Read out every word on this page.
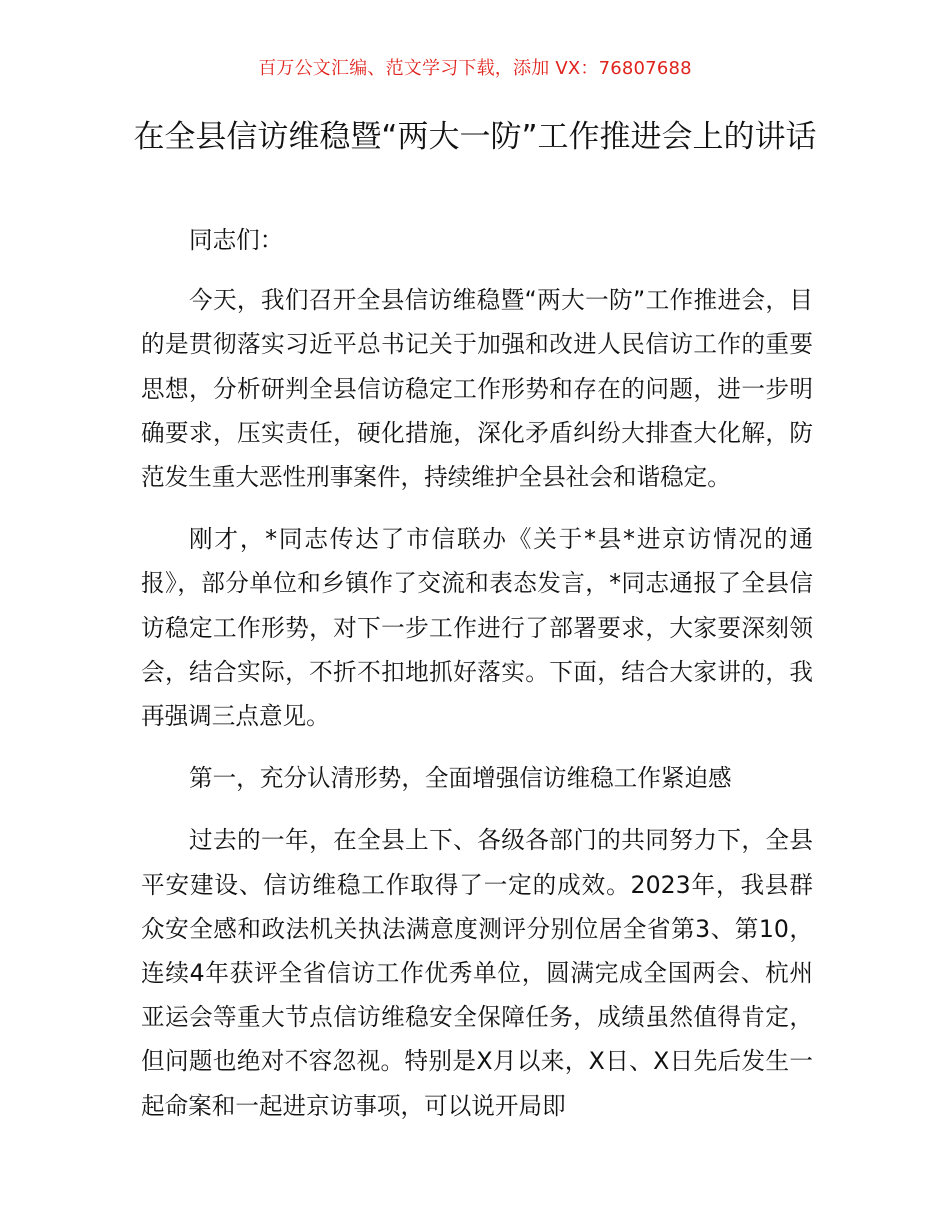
百万公文汇编、范文学习下载，添加 VX：76807688
在全县信访维稳暨“两大一防”工作推进会上的讲话

同志们：

今天，我们召开全县信访维稳暨“两大一防”工作推进会，目的是贯彻落实习近平总书记关于加强和改进人民信访工作的重要思想，分析研判全县信访稳定工作形势和存在的问题，进一步明确要求，压实责任，硬化措施，深化矛盾纠纷大排查大化解，防范发生重大恶性刑事案件，持续维护全县社会和谐稳定。

刚才，*同志传达了市信联办《关于*县*进京访情况的通报》，部分单位和乡镇作了交流和表态发言，*同志通报了全县信访稳定工作形势，对下一步工作进行了部署要求，大家要深刻领会，结合实际，不折不扣地抓好落实。下面，结合大家讲的，我再强调三点意见。

第一，充分认清形势，全面增强信访维稳工作紧迫感

过去的一年，在全县上下、各级各部门的共同努力下，全县平安建设、信访维稳工作取得了一定的成效。2023年，我县群众安全感和政法机关执法满意度测评分别位居全省第3、第10，连续4年获评全省信访工作优秀单位，圆满完成全国两会、杭州亚运会等重大节点信访维稳安全保障任务，成绩虽然值得肯定，但问题也绝对不容忽视。特别是X月以来，X日、X日先后发生一起命案和一起进京访事项，可以说开局即
